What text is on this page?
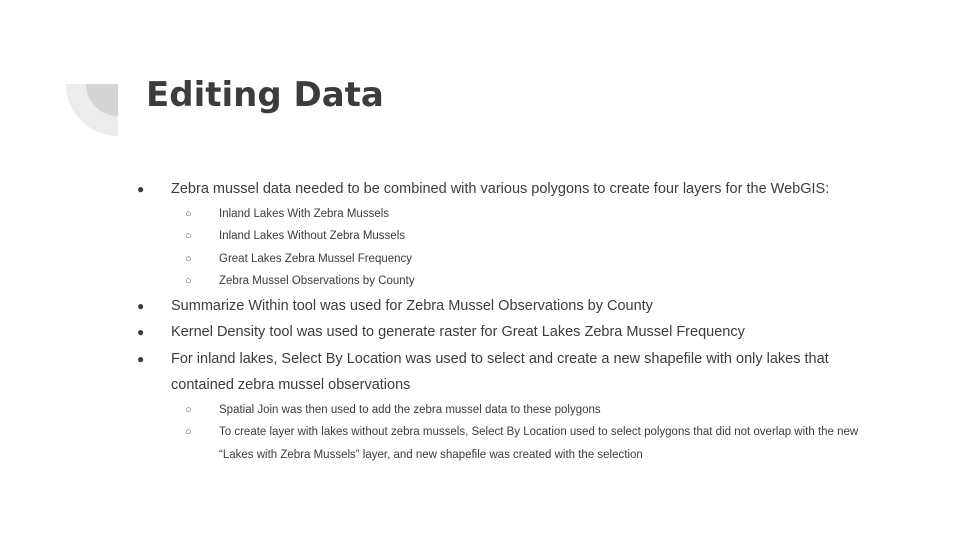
Editing Data
●	Zebra mussel data needed to be combined with various polygons to create four layers for the WebGIS:
○ Inland Lakes With Zebra Mussels
○ Inland Lakes Without Zebra Mussels
○ Great Lakes Zebra Mussel Frequency
○ Zebra Mussel Observations by County
●	Summarize Within tool was used for Zebra Mussel Observations by County
●	Kernel Density tool was used to generate raster for Great Lakes Zebra Mussel Frequency
●	For inland lakes, Select By Location was used to select and create a new shapefile with only lakes that contained zebra mussel observations
○ Spatial Join was then used to add the zebra mussel data to these polygons
○ To create layer with lakes without zebra mussels, Select By Location used to select polygons that did not overlap with the new “Lakes with Zebra Mussels” layer, and new shapefile was created with the selection
